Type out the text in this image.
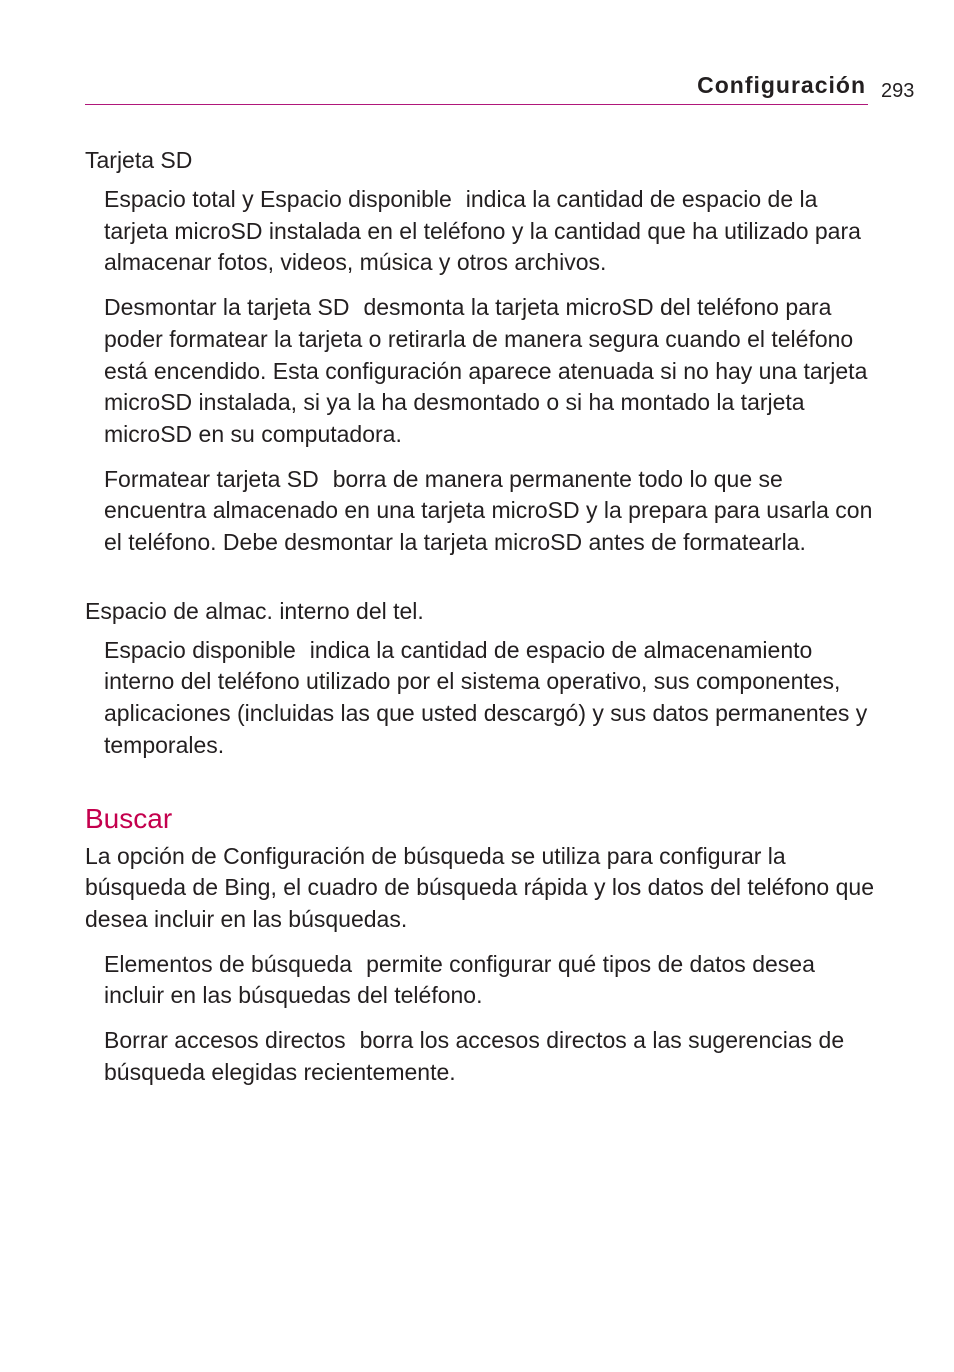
Configuración 293

Tarjeta SD

Espacio total y Espacio disponible indica la cantidad de espacio de la tarjeta microSD instalada en el teléfono y la cantidad que ha utilizado para almacenar fotos, videos, música y otros archivos.

Desmontar la tarjeta SD desmonta la tarjeta microSD del teléfono para poder formatear la tarjeta o retirarla de manera segura cuando el teléfono está encendido. Esta configuración aparece atenuada si no hay una tarjeta microSD instalada, si ya la ha desmontado o si ha montado la tarjeta microSD en su computadora.

Formatear tarjeta SD borra de manera permanente todo lo que se encuentra almacenado en una tarjeta microSD y la prepara para usarla con el teléfono. Debe desmontar la tarjeta microSD antes de formatearla.

Espacio de almac. interno del tel.

Espacio disponible indica la cantidad de espacio de almacenamiento interno del teléfono utilizado por el sistema operativo, sus componentes, aplicaciones (incluidas las que usted descargó) y sus datos permanentes y temporales.

Buscar

La opción de Configuración de búsqueda se utiliza para configurar la búsqueda de Bing, el cuadro de búsqueda rápida y los datos del teléfono que desea incluir en las búsquedas.

Elementos de búsqueda permite configurar qué tipos de datos desea incluir en las búsquedas del teléfono.

Borrar accesos directos borra los accesos directos a las sugerencias de búsqueda elegidas recientemente.
